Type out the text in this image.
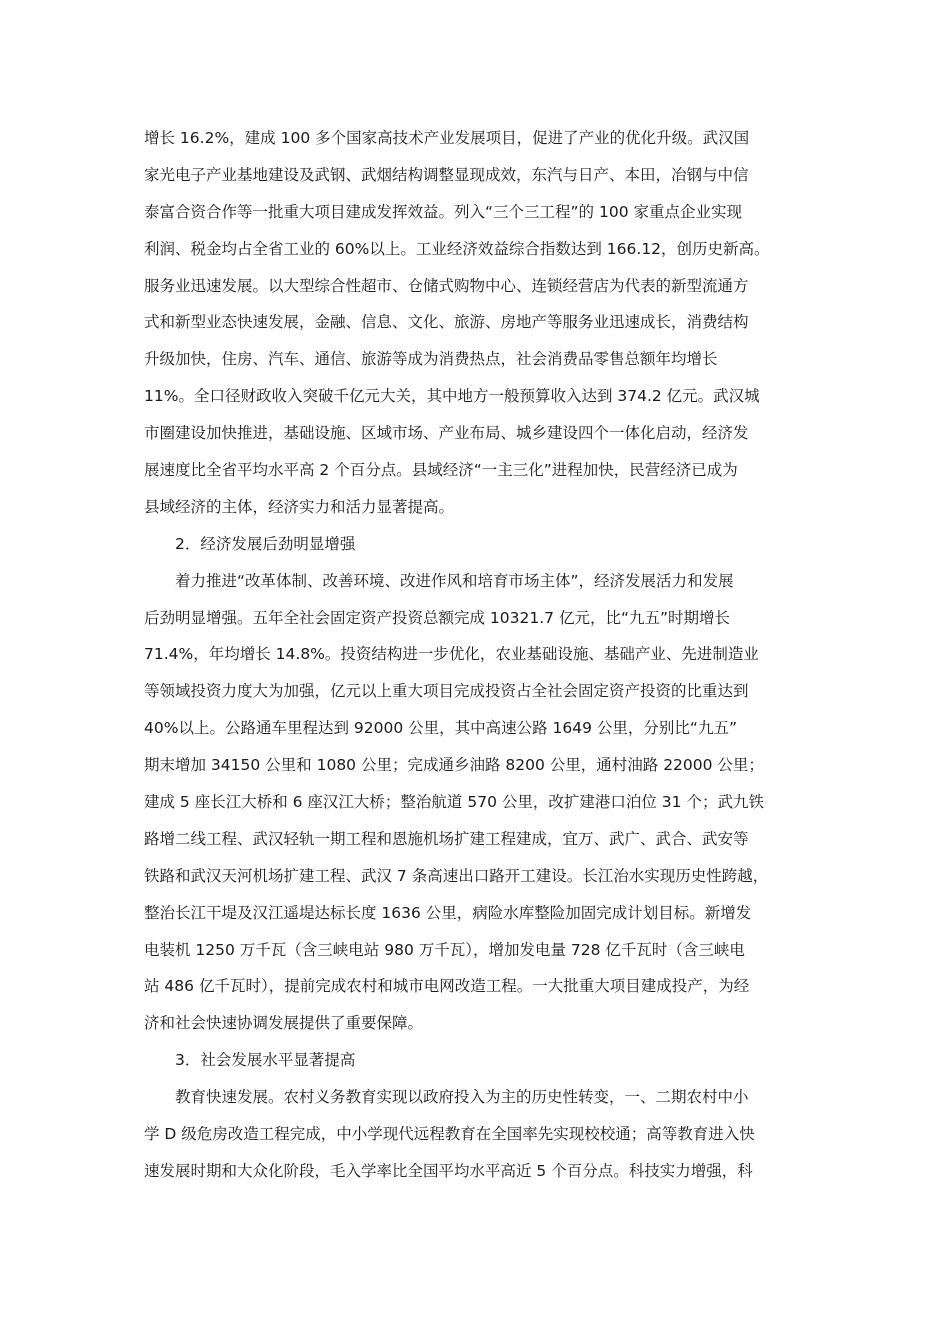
增长 16.2%，建成 100 多个国家高技术产业发展项目，促进了产业的优化升级。武汉国
家光电子产业基地建设及武钢、武烟结构调整显现成效，东汽与日产、本田，冶钢与中信
泰富合资合作等一批重大项目建成发挥效益。列入“三个三工程”的 100 家重点企业实现
利润、税金均占全省工业的 60%以上。工业经济效益综合指数达到 166.12，创历史新高。
服务业迅速发展。以大型综合性超市、仓储式购物中心、连锁经营店为代表的新型流通方
式和新型业态快速发展，金融、信息、文化、旅游、房地产等服务业迅速成长，消费结构
升级加快，住房、汽车、通信、旅游等成为消费热点，社会消费品零售总额年均增长
11%。全口径财政收入突破千亿元大关，其中地方一般预算收入达到 374.2 亿元。武汉城
市圈建设加快推进，基础设施、区域市场、产业布局、城乡建设四个一体化启动，经济发
展速度比全省平均水平高 2 个百分点。县域经济“一主三化”进程加快，民营经济已成为
县域经济的主体，经济实力和活力显著提高。
2．经济发展后劲明显增强
着力推进“改革体制、改善环境、改进作风和培育市场主体”，经济发展活力和发展
后劲明显增强。五年全社会固定资产投资总额完成 10321.7 亿元，比“九五”时期增长
71.4%，年均增长 14.8%。投资结构进一步优化，农业基础设施、基础产业、先进制造业
等领域投资力度大为加强，亿元以上重大项目完成投资占全社会固定资产投资的比重达到
40%以上。公路通车里程达到 92000 公里，其中高速公路 1649 公里，分别比“九五”
期末增加 34150 公里和 1080 公里；完成通乡油路 8200 公里，通村油路 22000 公里；
建成 5 座长江大桥和 6 座汉江大桥；整治航道 570 公里，改扩建港口泊位 31 个；武九铁
路增二线工程、武汉轻轨一期工程和恩施机场扩建工程建成，宜万、武广、武合、武安等
铁路和武汉天河机场扩建工程、武汉 7 条高速出口路开工建设。长江治水实现历史性跨越，
整治长江干堤及汉江遥堤达标长度 1636 公里，病险水库整险加固完成计划目标。新增发
电装机 1250 万千瓦（含三峡电站 980 万千瓦），增加发电量 728 亿千瓦时（含三峡电
站 486 亿千瓦时），提前完成农村和城市电网改造工程。一大批重大项目建成投产，为经
济和社会快速协调发展提供了重要保障。
3．社会发展水平显著提高
教育快速发展。农村义务教育实现以政府投入为主的历史性转变，一、二期农村中小
学 D 级危房改造工程完成，中小学现代远程教育在全国率先实现校校通；高等教育进入快
速发展时期和大众化阶段，毛入学率比全国平均水平高近 5 个百分点。科技实力增强，科
